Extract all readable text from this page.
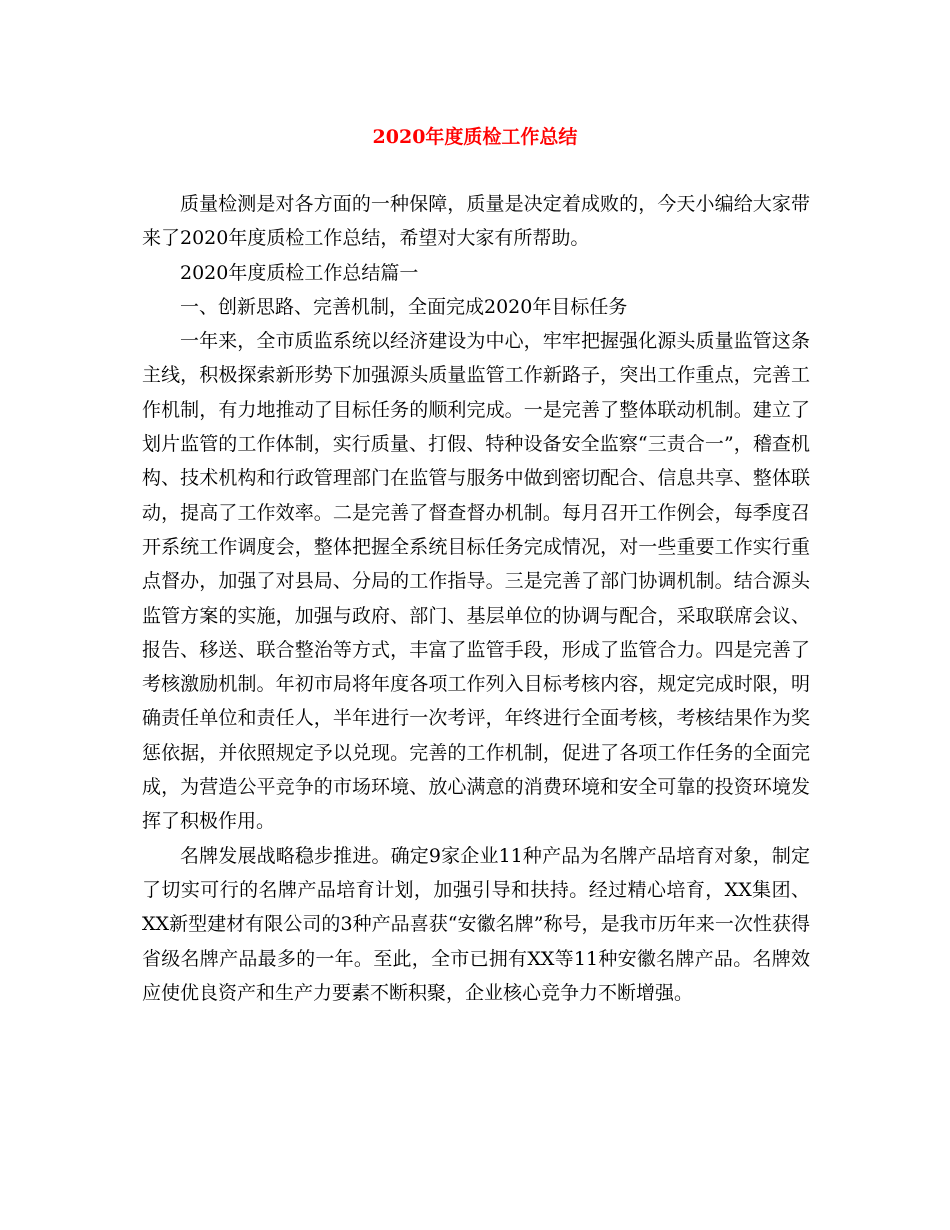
2020年度质检工作总结

质量检测是对各方面的一种保障，质量是决定着成败的，今天小编给大家带来了2020年度质检工作总结，希望对大家有所帮助。

2020年度质检工作总结篇一

一、创新思路、完善机制，全面完成2020年目标任务

一年来，全市质监系统以经济建设为中心，牢牢把握强化源头质量监管这条主线，积极探索新形势下加强源头质量监管工作新路子，突出工作重点，完善工作机制，有力地推动了目标任务的顺利完成。一是完善了整体联动机制。建立了划片监管的工作体制，实行质量、打假、特种设备安全监察“三责合一”，稽查机构、技术机构和行政管理部门在监管与服务中做到密切配合、信息共享、整体联动，提高了工作效率。二是完善了督查督办机制。每月召开工作例会，每季度召开系统工作调度会，整体把握全系统目标任务完成情况，对一些重要工作实行重点督办，加强了对县局、分局的工作指导。三是完善了部门协调机制。结合源头监管方案的实施，加强与政府、部门、基层单位的协调与配合，采取联席会议、报告、移送、联合整治等方式，丰富了监管手段，形成了监管合力。四是完善了考核激励机制。年初市局将年度各项工作列入目标考核内容，规定完成时限，明确责任单位和责任人，半年进行一次考评，年终进行全面考核，考核结果作为奖惩依据，并依照规定予以兑现。完善的工作机制，促进了各项工作任务的全面完成，为营造公平竞争的市场环境、放心满意的消费环境和安全可靠的投资环境发挥了积极作用。

名牌发展战略稳步推进。确定9家企业11种产品为名牌产品培育对象，制定了切实可行的名牌产品培育计划，加强引导和扶持。经过精心培育，XX集团、XX新型建材有限公司的3种产品喜获“安徽名牌”称号，是我市历年来一次性获得省级名牌产品最多的一年。至此，全市已拥有XX等11种安徽名牌产品。名牌效应使优良资产和生产力要素不断积聚，企业核心竞争力不断增强。
